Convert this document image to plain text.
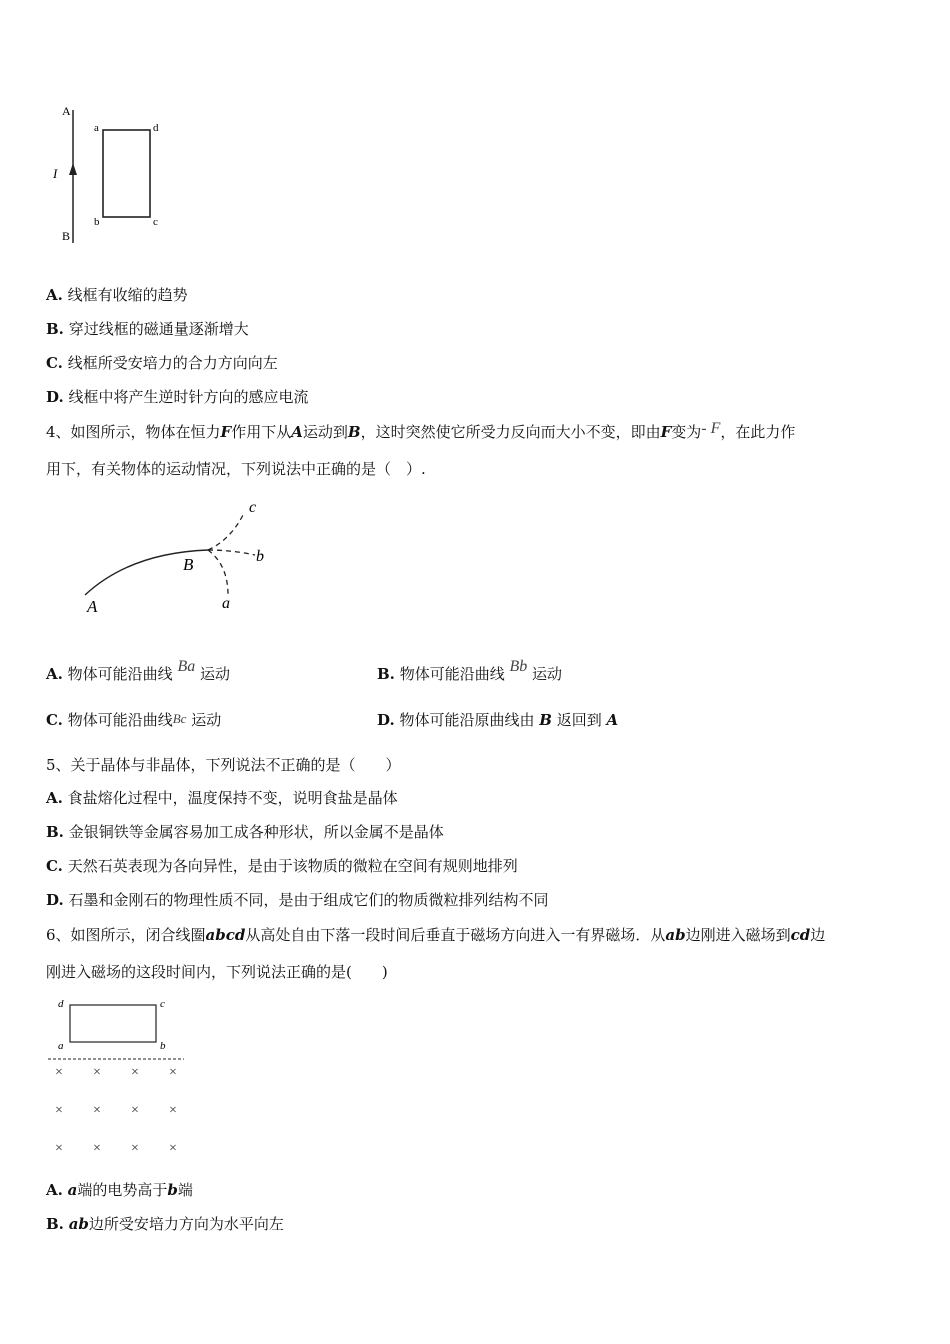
A
B
I
a	d
b	c
A. 线框有收缩的趋势
B. 穿过线框的磁通量逐渐增大
C. 线框所受安培力的合力方向向左
D. 线框中将产生逆时针方向的感应电流
4、如图所示，物体在恒力F作用下从A运动到B，这时突然使它所受力反向而大小不变，即由F变为- F，在此力作
用下，有关物体的运动情况，下列说法中正确的是（　）.
A
B
a
b
c
A. 物体可能沿曲线 Ba 运动	B. 物体可能沿曲线 Bb 运动
C. 物体可能沿曲线Bc 运动	D. 物体可能沿原曲线由 B 返回到 A
5、关于晶体与非晶体，下列说法不正确的是（　　）
A. 食盐熔化过程中，温度保持不变，说明食盐是晶体
B. 金银铜铁等金属容易加工成各种形状，所以金属不是晶体
C. 天然石英表现为各向异性，是由于该物质的微粒在空间有规则地排列
D. 石墨和金刚石的物理性质不同，是由于组成它们的物质微粒排列结构不同
6、如图所示，闭合线圈abcd从高处自由下落一段时间后垂直于磁场方向进入一有界磁场．从ab边刚进入磁场到cd边
刚进入磁场的这段时间内，下列说法正确的是(　　)
d	c
a	b
× × × ×
× × × ×
× × × ×
A. a端的电势高于b端
B. ab边所受安培力方向为水平向左
